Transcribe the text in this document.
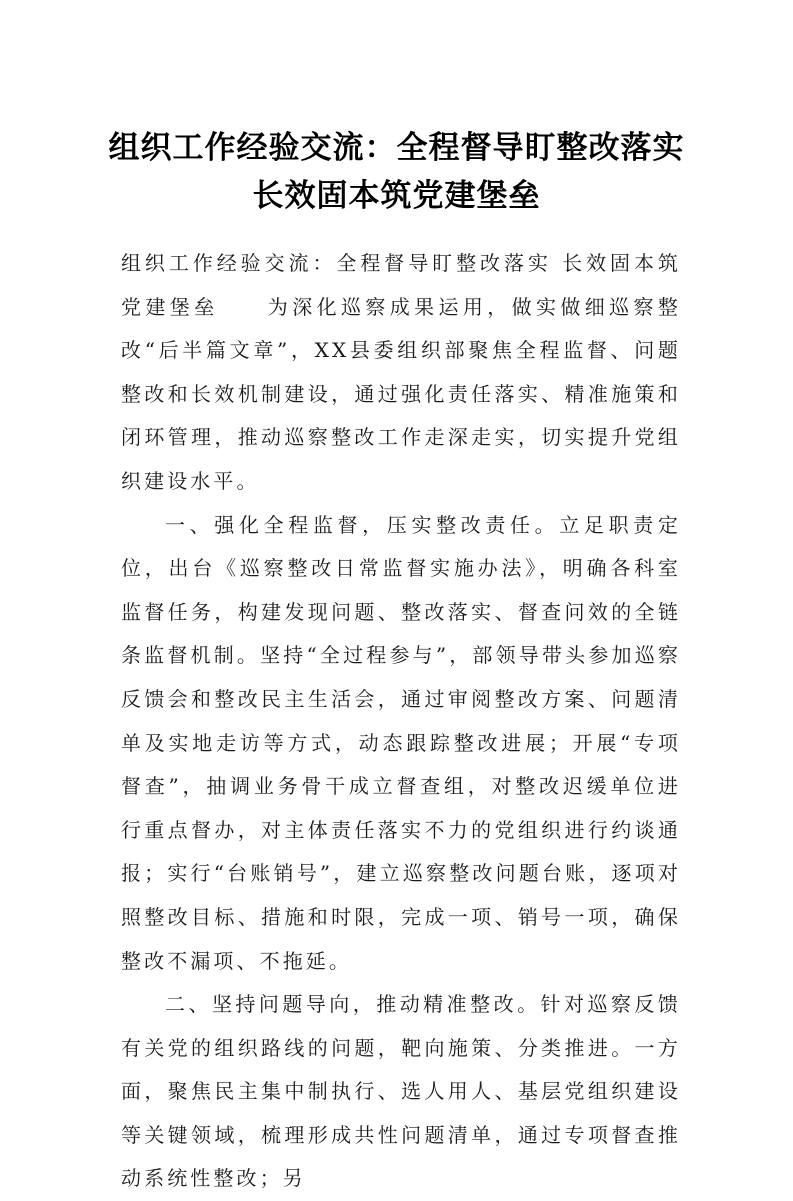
组织工作经验交流：全程督导盯整改落实
长效固本筑党建堡垒

组织工作经验交流：全程督导盯整改落实 长效固本筑党建堡垒 为深化巡察成果运用，做实做细巡察整改“后半篇文章”，XX县委组织部聚焦全程监督、问题整改和长效机制建设，通过强化责任落实、精准施策和闭环管理，推动巡察整改工作走深走实，切实提升党组织建设水平。

一、强化全程监督，压实整改责任。立足职责定位，出台《巡察整改日常监督实施办法》，明确各科室监督任务，构建发现问题、整改落实、督查问效的全链条监督机制。坚持“全过程参与”，部领导带头参加巡察反馈会和整改民主生活会，通过审阅整改方案、问题清单及实地走访等方式，动态跟踪整改进展；开展“专项督查”，抽调业务骨干成立督查组，对整改迟缓单位进行重点督办，对主体责任落实不力的党组织进行约谈通报；实行“台账销号”，建立巡察整改问题台账，逐项对照整改目标、措施和时限，完成一项、销号一项，确保整改不漏项、不拖延。

二、坚持问题导向，推动精准整改。针对巡察反馈有关党的组织路线的问题，靶向施策、分类推进。一方面，聚焦民主集中制执行、选人用人、基层党组织建设等关键领域，梳理形成共性问题清单，通过专项督查推动系统性整改；另
